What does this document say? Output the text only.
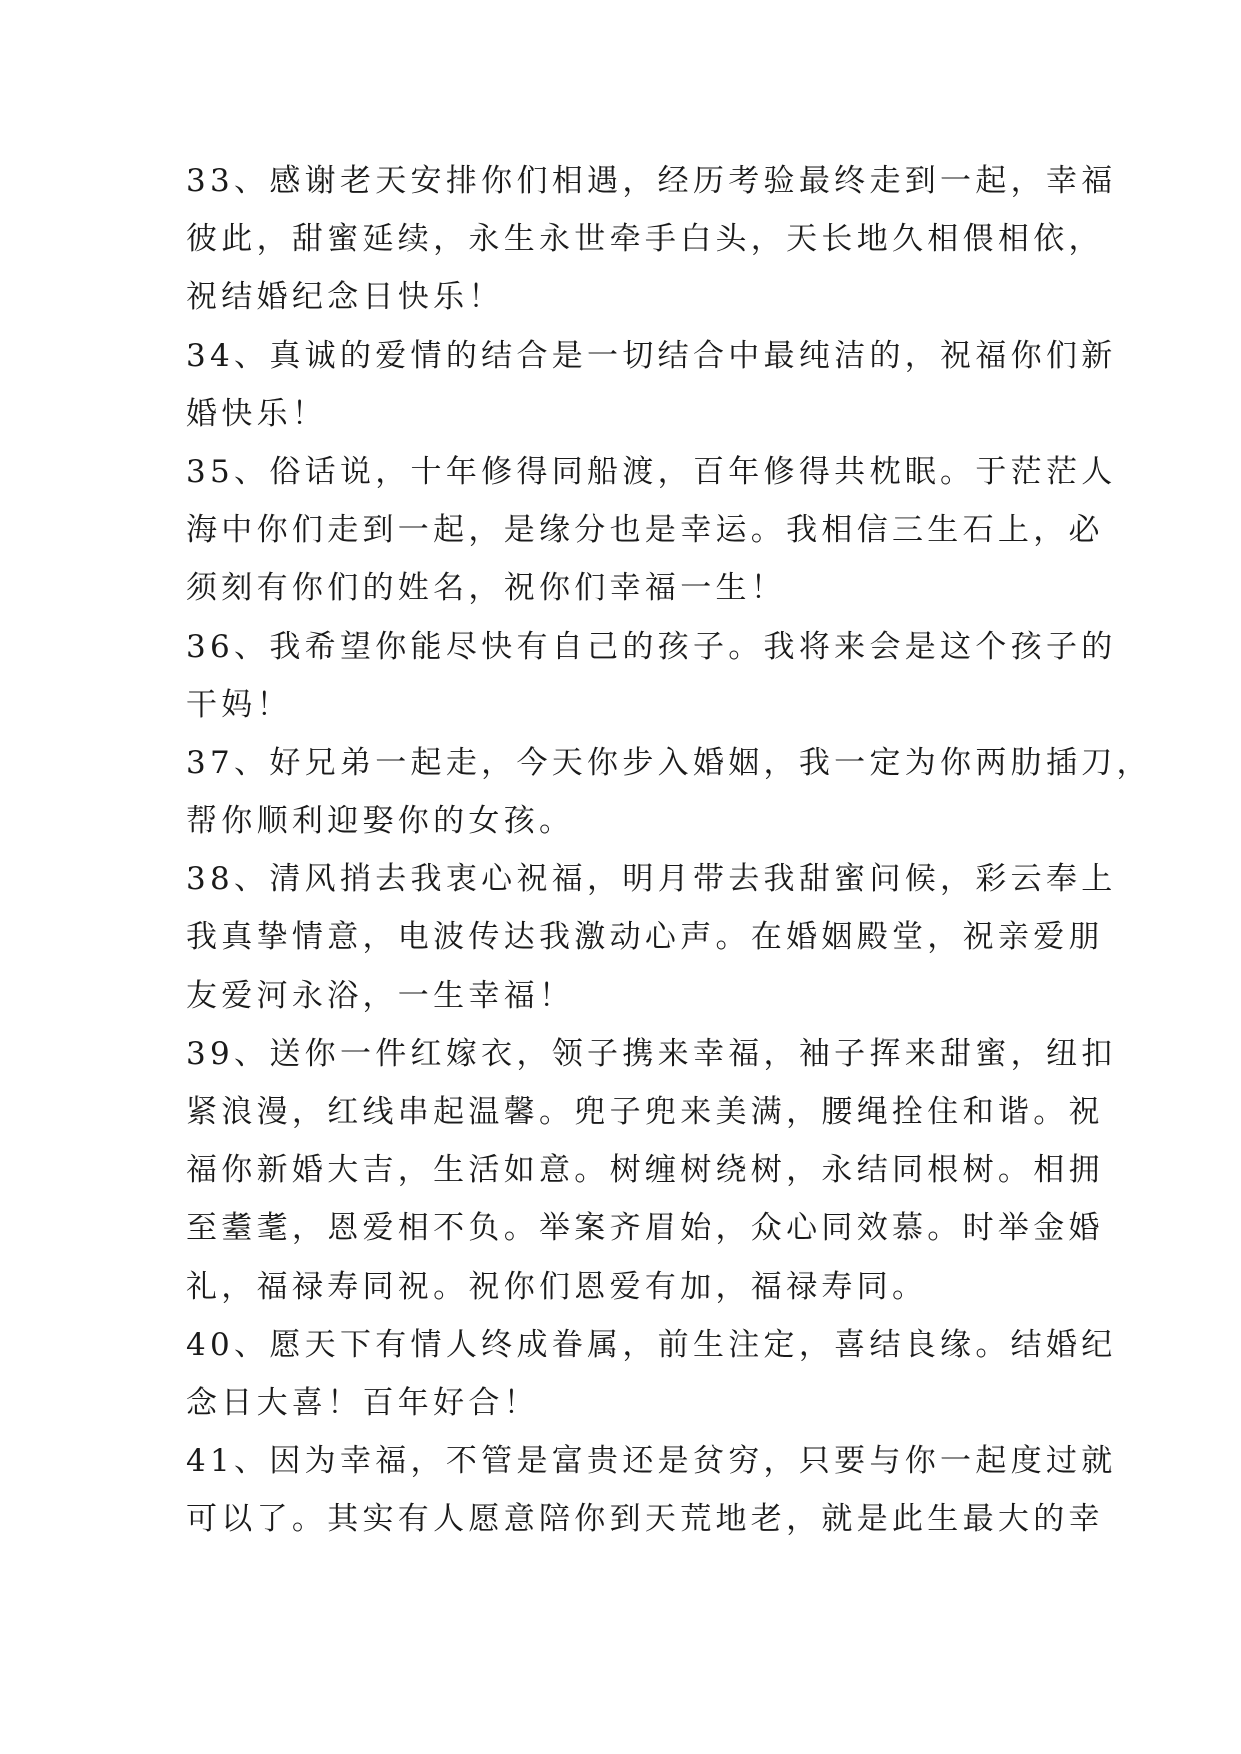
33、感谢老天安排你们相遇，经历考验最终走到一起，幸福
彼此，甜蜜延续，永生永世牵手白头，天长地久相偎相依，
祝结婚纪念日快乐！
34、真诚的爱情的结合是一切结合中最纯洁的，祝福你们新
婚快乐！
35、俗话说，十年修得同船渡，百年修得共枕眠。于茫茫人
海中你们走到一起，是缘分也是幸运。我相信三生石上，必
须刻有你们的姓名，祝你们幸福一生！
36、我希望你能尽快有自己的孩子。我将来会是这个孩子的
干妈！
37、好兄弟一起走，今天你步入婚姻，我一定为你两肋插刀，
帮你顺利迎娶你的女孩。
38、清风捎去我衷心祝福，明月带去我甜蜜问候，彩云奉上
我真挚情意，电波传达我激动心声。在婚姻殿堂，祝亲爱朋
友爱河永浴，一生幸福！
39、送你一件红嫁衣，领子携来幸福，袖子挥来甜蜜，纽扣
紧浪漫，红线串起温馨。兜子兜来美满，腰绳拴住和谐。祝
福你新婚大吉，生活如意。树缠树绕树，永结同根树。相拥
至耋耄，恩爱相不负。举案齐眉始，众心同效慕。时举金婚
礼，福禄寿同祝。祝你们恩爱有加，福禄寿同。
40、愿天下有情人终成眷属，前生注定，喜结良缘。结婚纪
念日大喜！百年好合！
41、因为幸福，不管是富贵还是贫穷，只要与你一起度过就
可以了。其实有人愿意陪你到天荒地老，就是此生最大的幸
